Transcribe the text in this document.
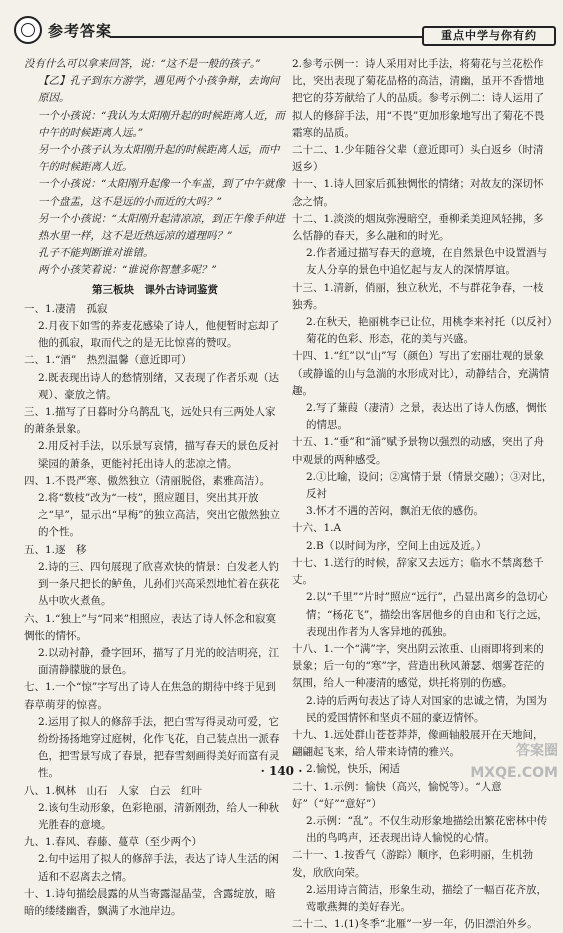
参考答案	重点中学与你有约

没有什么可以拿来回答，说：“这不是一般的孩子。”

【乙】孔子到东方游学，遇见两个小孩争辩，去询问原因。

一个小孩说：“我认为太阳刚升起的时候距离人近，而中午的时候距离人远。”

另一个小孩子认为太阳刚升起的时候距离人远，而中午的时候距离人近。

一个小孩说：“太阳刚升起像一个车盖，到了中午就像一个盘盂，这不是远的小而近的大吗？”

另一个小孩说：“太阳刚升起清凉凉，到正午像手伸进热水里一样，这不是近热远凉的道理吗？”

孔子不能判断谁对谁错。

两个小孩笑着说：“谁说你智慧多呢？”

第三板块　课外古诗词鉴赏

一、1.凄清　孤寂

2.月夜下如雪的荞麦花感染了诗人，他便暂时忘却了他的孤寂，取而代之的是无比惊喜的赞叹。

二、1.“酒”　热烈温馨（意近即可）

2.既表现出诗人的愁情别绪，又表现了作者乐观（达观）、豪放之情。

三、1.描写了日暮时分乌鹊乱飞，远处只有三两处人家的萧条景象。

2.用反衬手法，以乐景写哀情，描写春天的景色反衬梁园的萧条，更能衬托出诗人的悲凉之情。

四、1.不畏严寒、傲然独立（清丽脱俗，素雅高洁）。

2.将“数枝”改为“一枝”，照应题目，突出其开放之“早”，显示出“早梅”的独立高洁，突出它傲然独立的个性。

五、1.逐　移

2.诗的三、四句展现了欣喜欢快的情景：白发老人钓到一条尺把长的鲈鱼，儿孙们兴高采烈地忙着在荻花丛中吹火煮鱼。

六、1.“独上”与“同来”相照应，表达了诗人怀念和寂寞惆怅的情怀。

2.以动衬静，叠字回环，描写了月光的皎洁明亮，江面清静朦胧的景色。

七、1.一个“惊”字写出了诗人在焦急的期待中终于见到春草萌芽的惊喜。

2.运用了拟人的修辞手法，把白雪写得灵动可爱，它纷纷扬扬地穿过庭树，化作飞花，自己装点出一派春色，把雪景写成了春景，把春雪刻画得美好而富有灵性。

八、1.枫林　山石　人家　白云　红叶

2.该句生动形象，色彩艳丽，清新刚劲，给人一种秋光胜春的意境。

九、1.春风、春藤、蔓草（至少两个）

2.句中运用了拟人的修辞手法，表达了诗人生活的闲适和不忍离去之情。

十、1.诗句描绘晨露的从当寄露湿晶莹，含露绽放，暗暗的缕缕幽香，飘满了水池岸边。

2.参考示例一：诗人采用对比手法，将菊花与兰花松作比，突出表现了菊花品格的高洁，清幽，虽开不香惜地把它的芬芳献给了人的品质。参考示例二：诗人运用了拟人的修辞手法，用“不畏”更加形象地写出了菊花不畏霜寒的品质。

二十二、1.少年随谷父辈（意近即可）头白返乡（时清返乡）

十一、1.诗人回家后孤独惆怅的情绪；对故友的深切怀念之情。

十二、1.淡淡的烟岚弥漫暗空，垂柳柔美迎风轻拂，多么恬静的春天，多么融和的时光。

2.作者通过描写春天的意境，在自然景色中设置酒与友人分享的景色中追忆起与友人的深情厚谊。

十三、1.清新，俏丽，独立秋光，不与群花争春，一枝独秀。

2.在秋天，艳丽桃李已让位，用桃李来衬托（以反衬）菊花的色彩、形态，花的美与兴盛。

十四、1.“红”以“山”写（颜色）写出了宏丽壮观的景象（或静谧的山与急湍的水形成对比），动静结合，充满情趣。

2.写了蒹葭（凄清）之景，表达出了诗人伤感，惆怅的情思。

十五、1.“垂”和“涌”赋予景物以强烈的动感，突出了舟中观景的两种感受。

2.①比喻，设问；②寓情于景（情景交融）；③对比，反衬

3.怀才不遇的苦闷，飘泊无依的感伤。

十六、1.A

2.B（以时间为序，空间上由远及近。）

十七、1.送行的时候，辞家又去远方；临水不禁离愁千丈。

2.以“千里”“片时”照应“远行”，凸显出离乡的急切心情；“杨花飞”，描绘出客居他乡的自由和飞行之远，表现出作者为人客异地的孤独。

十八、1.一个“满”字，突出阴云浓重、山雨即将到来的景象；后一句的“寒”字，营造出秋风萧瑟、烟雾苍茫的氛围，给人一种凄清的感觉，烘托将别的伤感。

2.诗的后两句表达了诗人对国家的忠诚之情，为国为民的爱国情怀和坚贞不屈的豪迈情怀。

十九、1.远处群山苍苍莽莽，像画轴般展开在天地间，翩翩起飞来，给人带来诗情的雅兴。

2.愉悦，快乐，闲适

二十、1.示例：愉快（高兴，愉悦等）。“人意好”（“好”“意好”）

2.示例：“乱”。不仅生动形象地描绘出繁花密林中传出的鸟鸣声，还表现出诗人愉悦的心情。

二十一、1.按香气（游踪）顺序，色彩明丽，生机勃发，欣欣向荣。

2.运用诗言简洁，形象生动，描绘了一幅百花齐放，莺歌燕舞的美好春光。

二十二、1.(1)冬季“北雁”一岁一年，仍旧漂泊外乡。

· 140 ·
答案圈 MXQE.COM
